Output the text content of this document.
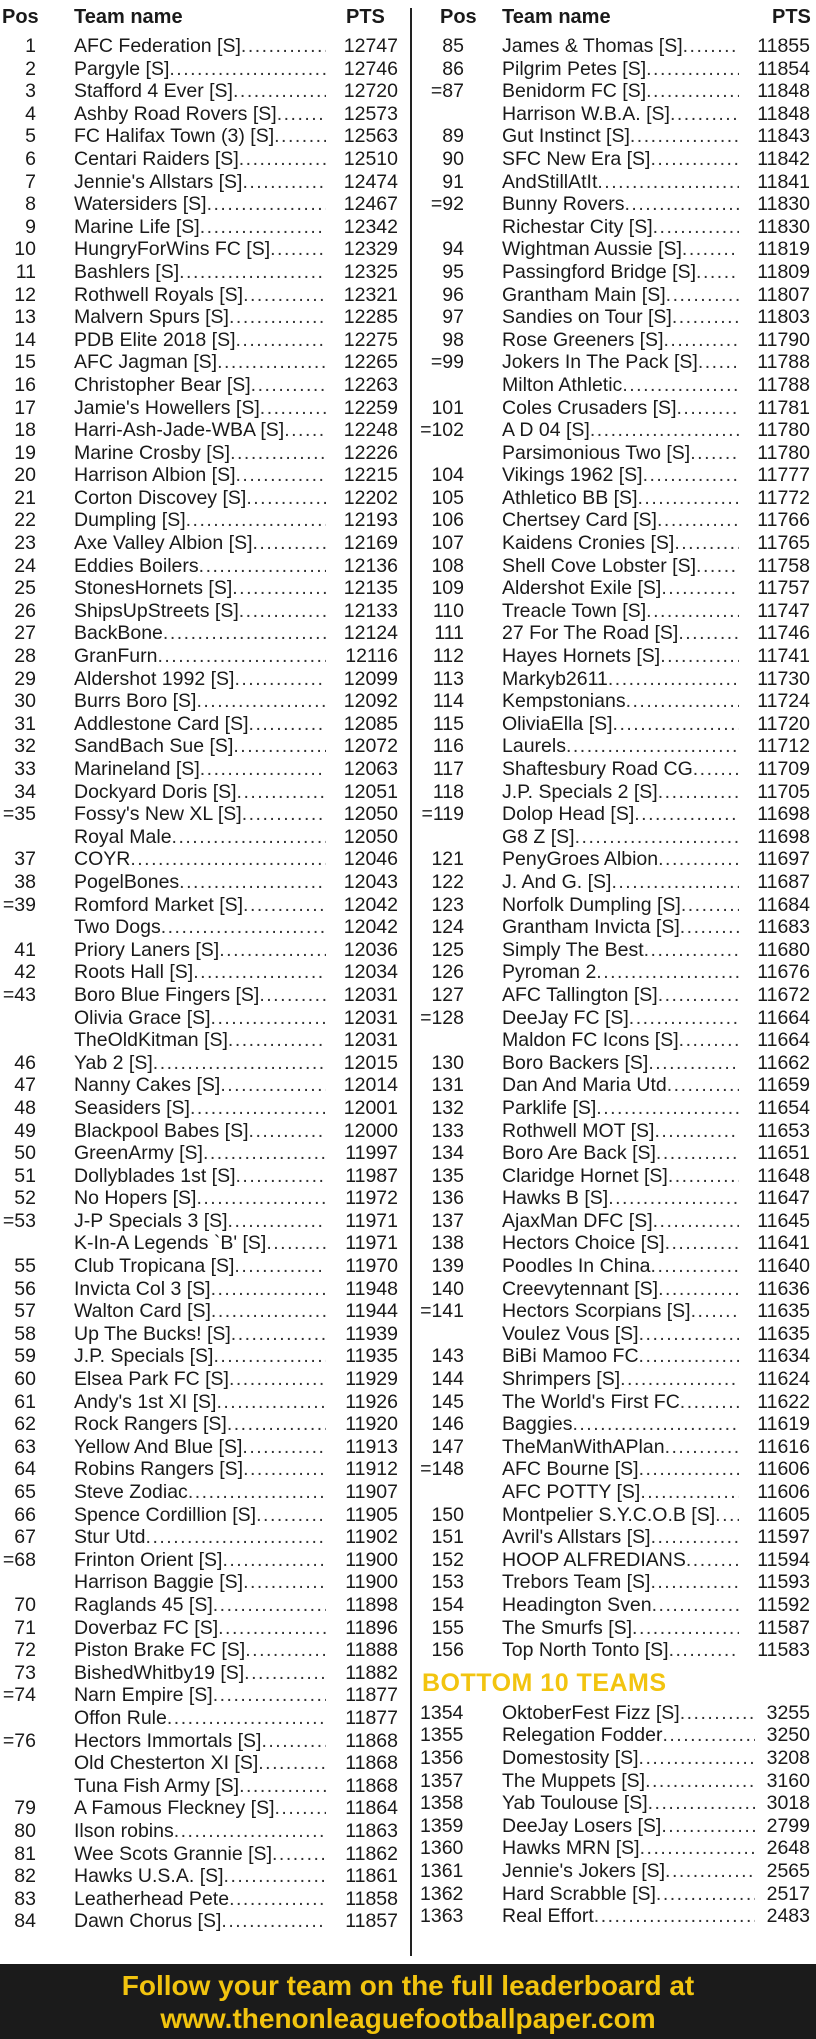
Pos Team name	PTS
1 AFC Federation [S] .....	12747
2 Pargyle [S] .....	12746
3 Stafford 4 Ever [S] .....	12720
4 Ashby Road Rovers [S] .....	12573
5 FC Halifax Town (3) [S] .....	12563
6 Centari Raiders [S] .....	12510
7 Jennie's Allstars [S] .....	12474
8 Watersiders [S] .....	12467
9 Marine Life [S] .....	12342
10 HungryForWins FC [S] .....	12329
11 Bashlers [S] .....	12325
12 Rothwell Royals [S] .....	12321
13 Malvern Spurs [S] .....	12285
14 PDB Elite 2018 [S] .....	12275
15 AFC Jagman [S] .....	12265
16 Christopher Bear [S] .....	12263
17 Jamie's Howellers [S] .....	12259
18 Harri-Ash-Jade-WBA [S] .....	12248
19 Marine Crosby [S] .....	12226
20 Harrison Albion [S] .....	12215
21 Corton Discovey [S] .....	12202
22 Dumpling [S] .....	12193
23 Axe Valley Albion [S] .....	12169
24 Eddies Boilers .....	12136
25 StonesHornets [S] .....	12135
26 ShipsUpStreets [S] .....	12133
27 BackBone .....	12124
28 GranFurn .....	12116
29 Aldershot 1992 [S] .....	12099
30 Burrs Boro [S] .....	12092
31 Addlestone Card [S] .....	12085
32 SandBach Sue [S] .....	12072
33 Marineland [S] .....	12063
34 Dockyard Doris [S] .....	12051
=35 Fossy's New XL [S] .....	12050
Royal Male .....	12050
37 COYR .....	12046
38 PogelBones .....	12043
=39 Romford Market [S] .....	12042
Two Dogs .....	12042
41 Priory Laners [S] .....	12036
42 Roots Hall [S] .....	12034
=43 Boro Blue Fingers [S] .....	12031
Olivia Grace [S] .....	12031
TheOldKitman [S] .....	12031
46 Yab 2 [S] .....	12015
47 Nanny Cakes [S] .....	12014
48 Seasiders [S] .....	12001
49 Blackpool Babes [S] .....	12000
50 GreenArmy [S] .....	11997
51 Dollyblades 1st [S] .....	11987
52 No Hopers [S] .....	11972
=53 J-P Specials 3 [S] .....	11971
K-In-A Legends `B' [S] .....	11971
55 Club Tropicana [S] .....	11970
56 Invicta Col 3 [S] .....	11948
57 Walton Card [S] .....	11944
58 Up The Bucks! [S] .....	11939
59 J.P. Specials [S] .....	11935
60 Elsea Park FC [S] .....	11929
61 Andy's 1st XI [S] .....	11926
62 Rock Rangers [S] .....	11920
63 Yellow And Blue [S] .....	11913
64 Robins Rangers [S] .....	11912
65 Steve Zodiac .....	11907
66 Spence Cordillion [S] .....	11905
67 Stur Utd .....	11902
=68 Frinton Orient [S] .....	11900
Harrison Baggie [S] .....	11900
70 Raglands 45 [S] .....	11898
71 Doverbaz FC [S] .....	11896
72 Piston Brake FC [S] .....	11888
73 BishedWhitby19 [S] .....	11882
=74 Narn Empire [S] .....	11877
Offon Rule .....	11877
=76 Hectors Immortals [S] .....	11868
Old Chesterton XI [S] .....	11868
Tuna Fish Army [S] .....	11868
79 A Famous Fleckney [S] .....	11864
80 Ilson robins .....	11863
81 Wee Scots Grannie [S] .....	11862
82 Hawks U.S.A. [S] .....	11861
83 Leatherhead Pete .....	11858
84 Dawn Chorus [S] .....	11857
Pos Team name	PTS
85 James & Thomas [S] .....	11855
86 Pilgrim Petes [S] .....	11854
=87 Benidorm FC [S] .....	11848
Harrison W.B.A. [S] .....	11848
89 Gut Instinct [S] .....	11843
90 SFC New Era [S] .....	11842
91 AndStillAtIt .....	11841
=92 Bunny Rovers .....	11830
Richestar City [S] .....	11830
94 Wightman Aussie [S] .....	11819
95 Passingford Bridge [S] .....	11809
96 Grantham Main [S] .....	11807
97 Sandies on Tour [S] .....	11803
98 Rose Greeners [S] .....	11790
=99 Jokers In The Pack [S] .....	11788
Milton Athletic .....	11788
101 Coles Crusaders [S] .....	11781
=102 A D 04 [S] .....	11780
Parsimonious Two [S] .....	11780
104 Vikings 1962 [S] .....	11777
105 Athletico BB [S] .....	11772
106 Chertsey Card [S] .....	11766
107 Kaidens Cronies [S] .....	11765
108 Shell Cove Lobster [S] .....	11758
109 Aldershot Exile [S] .....	11757
110 Treacle Town [S] .....	11747
111 27 For The Road [S] .....	11746
112 Hayes Hornets [S] .....	11741
113 Markyb2611 .....	11730
114 Kempstonians .....	11724
115 OliviaElla [S] .....	11720
116 Laurels .....	11712
117 Shaftesbury Road CG .....	11709
118 J.P. Specials 2 [S] .....	11705
=119 Dolop Head [S] .....	11698
G8 Z [S] .....	11698
121 PenyGroes Albion .....	11697
122 J. And G. [S] .....	11687
123 Norfolk Dumpling [S] .....	11684
124 Grantham Invicta [S] .....	11683
125 Simply The Best .....	11680
126 Pyroman 2 .....	11676
127 AFC Tallington [S] .....	11672
=128 DeeJay FC [S] .....	11664
Maldon FC Icons [S] .....	11664
130 Boro Backers [S] .....	11662
131 Dan And Maria Utd .....	11659
132 Parklife [S] .....	11654
133 Rothwell MOT [S] .....	11653
134 Boro Are Back [S] .....	11651
135 Claridge Hornet [S] .....	11648
136 Hawks B [S] .....	11647
137 AjaxMan DFC [S] .....	11645
138 Hectors Choice [S] .....	11641
139 Poodles In China .....	11640
140 Creevytennant [S] .....	11636
=141 Hectors Scorpians [S] .....	11635
Voulez Vous [S] .....	11635
143 BiBi Mamoo FC .....	11634
144 Shrimpers [S] .....	11624
145 The World's First FC .....	11622
146 Baggies .....	11619
147 TheManWithAPlan .....	11616
=148 AFC Bourne [S] .....	11606
AFC POTTY [S] .....	11606
150 Montpelier S.Y.C.O.B [S] .....	11605
151 Avril's Allstars [S] .....	11597
152 HOOP ALFREDIANS .....	11594
153 Trebors Team [S] .....	11593
154 Headington Sven .....	11592
155 The Smurfs [S] .....	11587
156 Top North Tonto [S] .....	11583
BOTTOM 10 TEAMS
1354	OktoberFest Fizz [S] .....	3255
1355	Relegation Fodder .....	3250
1356	Domestosity [S] .....	3208
1357	The Muppets [S] .....	3160
1358	Yab Toulouse [S] .....	3018
1359	DeeJay Losers [S] .....	2799
1360	Hawks MRN [S] .....	2648
1361	Jennie's Jokers [S] .....	2565
1362	Hard Scrabble [S] .....	2517
1363	Real Effort .....	2483
Follow your team on the full leaderboard at
www.thenonleaguefootballpaper.com
